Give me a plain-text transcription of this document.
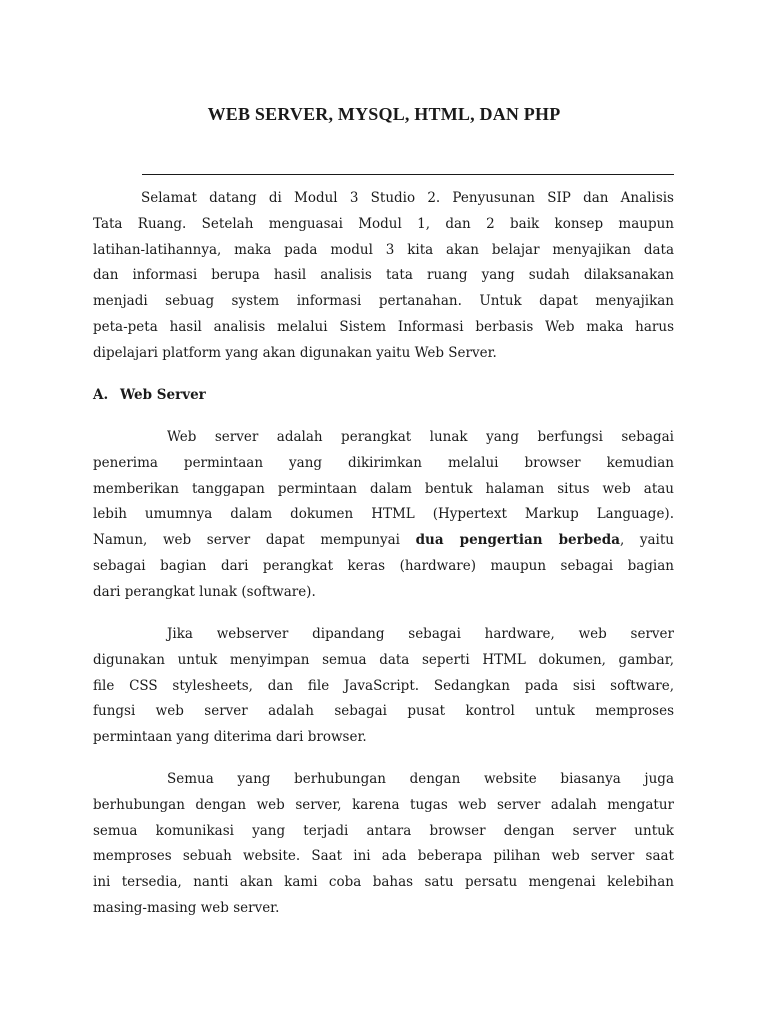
WEB SERVER, MYSQL, HTML, DAN PHP
Selamat datang di Modul 3 Studio 2. Penyusunan SIP dan Analisis
Tata Ruang. Setelah menguasai Modul 1, dan 2 baik konsep maupun
latihan-latihannya, maka pada modul 3 kita akan belajar menyajikan data
dan informasi berupa hasil analisis tata ruang yang sudah dilaksanakan
menjadi sebuag system informasi pertanahan. Untuk dapat menyajikan
peta-peta hasil analisis melalui Sistem Informasi berbasis Web maka harus
dipelajari platform yang akan digunakan yaitu Web Server.
A. Web Server
Web server adalah perangkat lunak yang berfungsi sebagai
penerima permintaan yang dikirimkan melalui browser kemudian
memberikan tanggapan permintaan dalam bentuk halaman situs web atau
lebih umumnya dalam dokumen HTML (Hypertext Markup Language).
Namun, web server dapat mempunyai dua pengertian berbeda, yaitu
sebagai bagian dari perangkat keras (hardware) maupun sebagai bagian
dari perangkat lunak (software).
Jika webserver dipandang sebagai hardware, web server
digunakan untuk menyimpan semua data seperti HTML dokumen, gambar,
file CSS stylesheets, dan file JavaScript. Sedangkan pada sisi software,
fungsi web server adalah sebagai pusat kontrol untuk memproses
permintaan yang diterima dari browser.
Semua yang berhubungan dengan website biasanya juga
berhubungan dengan web server, karena tugas web server adalah mengatur
semua komunikasi yang terjadi antara browser dengan server untuk
memproses sebuah website. Saat ini ada beberapa pilihan web server saat
ini tersedia, nanti akan kami coba bahas satu persatu mengenai kelebihan
masing-masing web server.
